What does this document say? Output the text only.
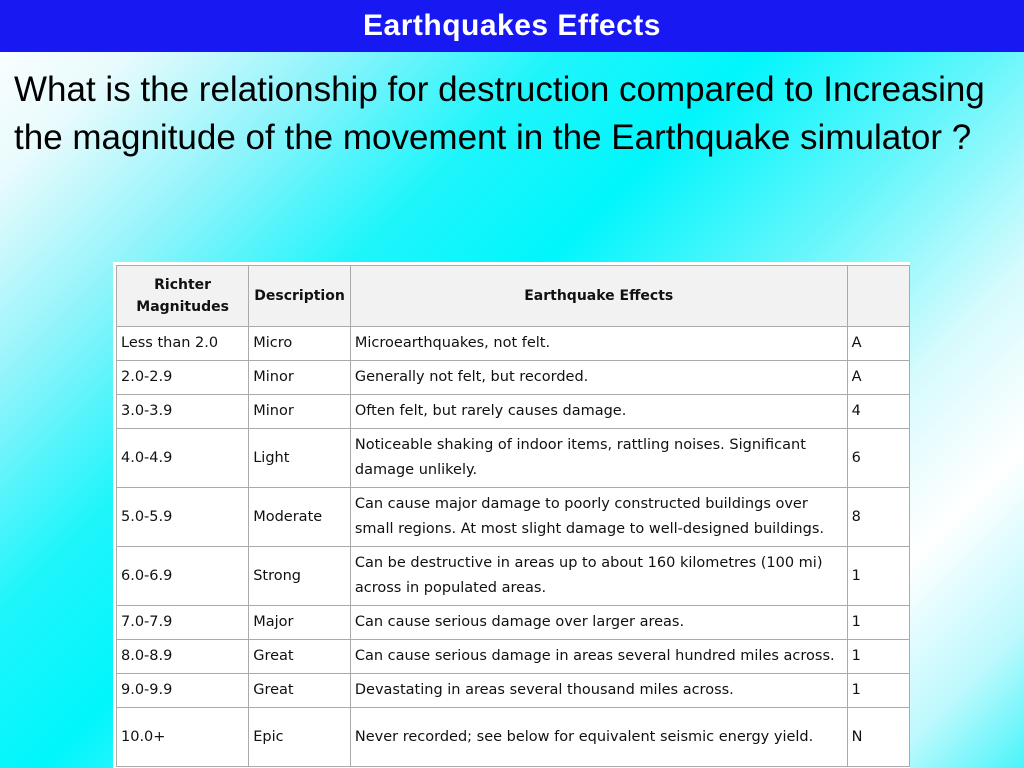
Earthquakes Effects
What is the relationship for destruction compared to Increasing the magnitude of the movement in the Earthquake simulator ?
Richter Magnitudes	Description	Earthquake Effects	
Less than 2.0	Micro	Microearthquakes, not felt.	A
2.0-2.9	Minor	Generally not felt, but recorded.	A
3.0-3.9	Minor	Often felt, but rarely causes damage.	4
4.0-4.9	Light	Noticeable shaking of indoor items, rattling noises. Significant damage unlikely.	6
5.0-5.9	Moderate	Can cause major damage to poorly constructed buildings over small regions. At most slight damage to well-designed buildings.	8
6.0-6.9	Strong	Can be destructive in areas up to about 160 kilometres (100 mi) across in populated areas.	1
7.0-7.9	Major	Can cause serious damage over larger areas.	1
8.0-8.9	Great	Can cause serious damage in areas several hundred miles across.	1
9.0-9.9	Great	Devastating in areas several thousand miles across.	1
10.0+	Epic	Never recorded; see below for equivalent seismic energy yield.	N
